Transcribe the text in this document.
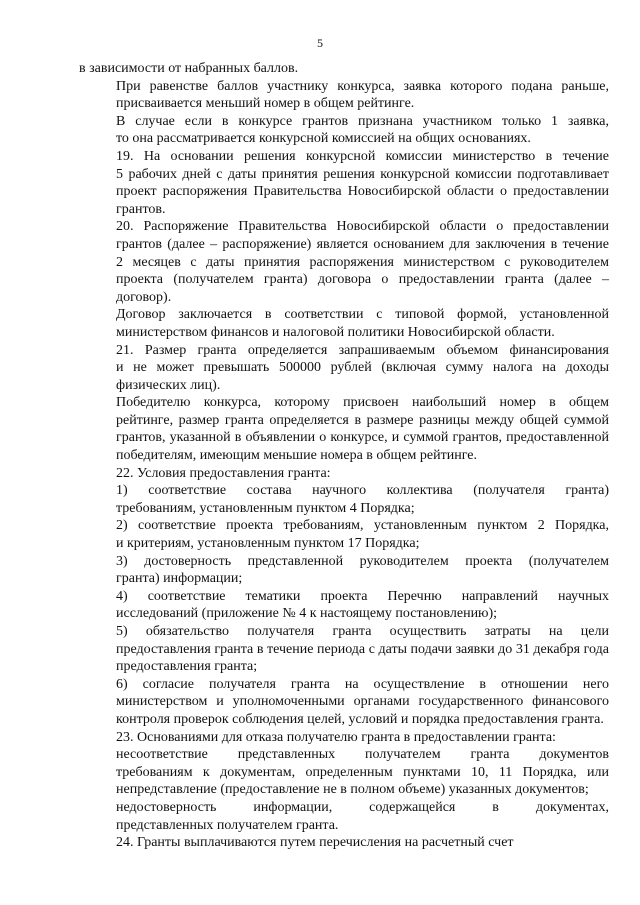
5
в зависимости от набранных баллов.
При равенстве баллов участнику конкурса, заявка которого подана раньше,
присваивается меньший номер в общем рейтинге.
В случае если в конкурсе грантов признана участником только 1 заявка,
то она рассматривается конкурсной комиссией на общих основаниях.
19. На основании решения конкурсной комиссии министерство в течение
5 рабочих дней с даты принятия решения конкурсной комиссии подготавливает
проект распоряжения Правительства Новосибирской области о предоставлении
грантов.
20. Распоряжение Правительства Новосибирской области о предоставлении
грантов (далее – распоряжение) является основанием для заключения в течение
2 месяцев с даты принятия распоряжения министерством с руководителем
проекта (получателем гранта) договора о предоставлении гранта (далее –
договор).
Договор заключается в соответствии с типовой формой, установленной
министерством финансов и налоговой политики Новосибирской области.
21. Размер гранта определяется запрашиваемым объемом финансирования
и не может превышать 500000 рублей (включая сумму налога на доходы
физических лиц).
Победителю конкурса, которому присвоен наибольший номер в общем
рейтинге, размер гранта определяется в размере разницы между общей суммой
грантов, указанной в объявлении о конкурсе, и суммой грантов, предоставленной
победителям, имеющим меньшие номера в общем рейтинге.
22. Условия предоставления гранта:
1) соответствие состава научного коллектива (получателя гранта)
требованиям, установленным пунктом 4 Порядка;
2) соответствие проекта требованиям, установленным пунктом 2 Порядка,
и критериям, установленным пунктом 17 Порядка;
3) достоверность представленной руководителем проекта (получателем
гранта) информации;
4) соответствие тематики проекта Перечню направлений научных
исследований (приложение № 4 к настоящему постановлению);
5) обязательство получателя гранта осуществить затраты на цели
предоставления гранта в течение периода с даты подачи заявки до 31 декабря года
предоставления гранта;
6) согласие получателя гранта на осуществление в отношении него
министерством и уполномоченными органами государственного финансового
контроля проверок соблюдения целей, условий и порядка предоставления гранта.
23. Основаниями для отказа получателю гранта в предоставлении гранта:
несоответствие представленных получателем гранта документов
требованиям к документам, определенным пунктами 10, 11 Порядка, или
непредставление (предоставление не в полном объеме) указанных документов;
недостоверность информации, содержащейся в документах,
представленных получателем гранта.
24. Гранты выплачиваются путем перечисления на расчетный счет
